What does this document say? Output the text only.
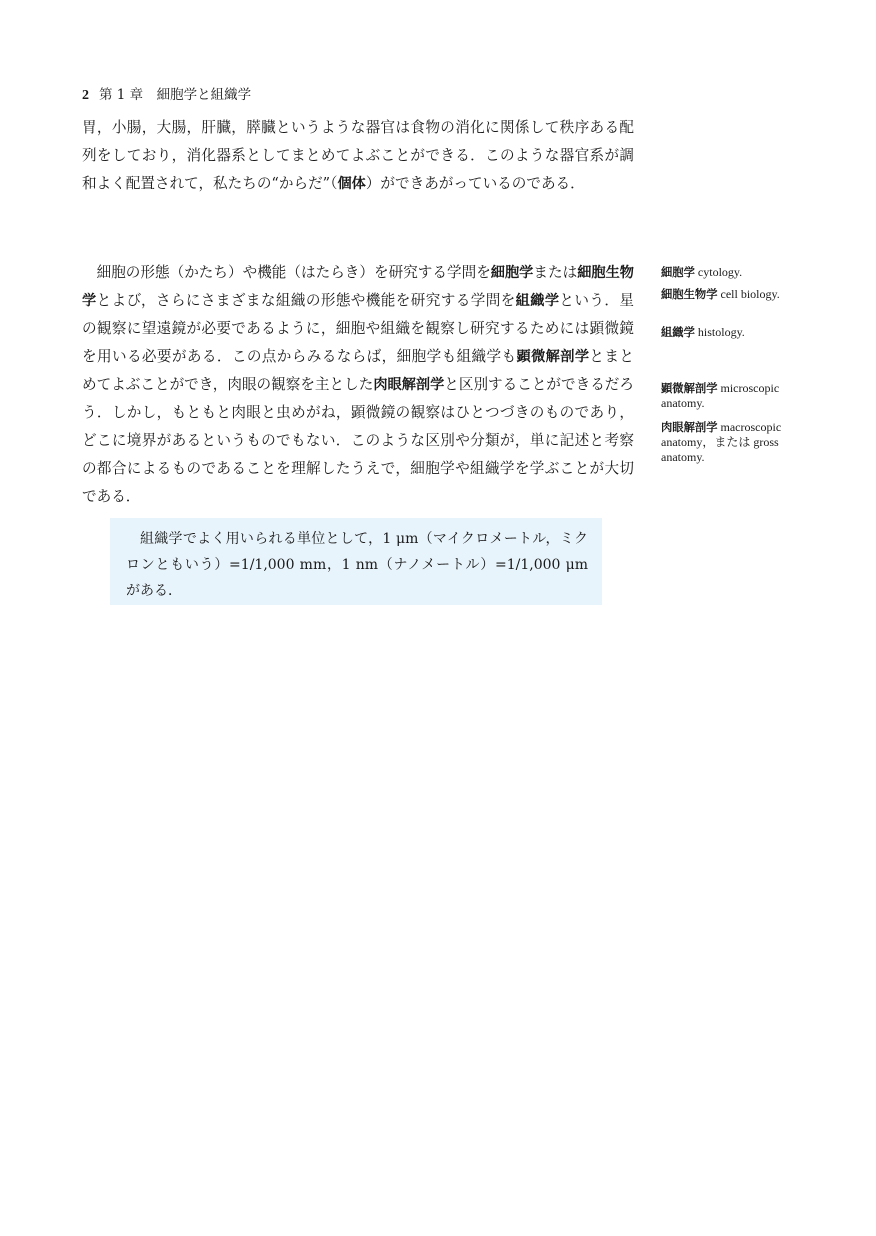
2 第 1 章　細胞学と組織学

胃，小腸，大腸，肝臓，膵臓というような器官は食物の消化に関係して秩序ある配列をしており，消化器系としてまとめてよぶことができる．このような器官系が調和よく配置されて，私たちの“からだ”（個体）ができあがっているのである．

細胞の形態（かたち）や機能（はたらき）を研究する学問を細胞学または細胞生物学とよび，さらにさまざまな組織の形態や機能を研究する学問を組織学という．星の観察に望遠鏡が必要であるように，細胞や組織を観察し研究するためには顕微鏡を用いる必要がある．この点からみるならば，細胞学も組織学も顕微解剖学とまとめてよぶことができ，肉眼の観察を主とした肉眼解剖学と区別することができるだろう．しかし，もともと肉眼と虫めがね，顕微鏡の観察はひとつづきのものであり，どこに境界があるというものでもない．このような区別や分類が，単に記述と考察の都合によるものであることを理解したうえで，細胞学や組織学を学ぶことが大切である．

組織学でよく用いられる単位として，1 μm（マイクロメートル，ミクロンともいう）=1/1,000 mm，1 nm（ナノメートル）=1/1,000 μm がある．

細胞学 cytology.

細胞生物学 cell biology.

組織学 histology.

顕微解剖学 microscopic anatomy.

肉眼解剖学 macroscopic anatomy，または gross anatomy.
